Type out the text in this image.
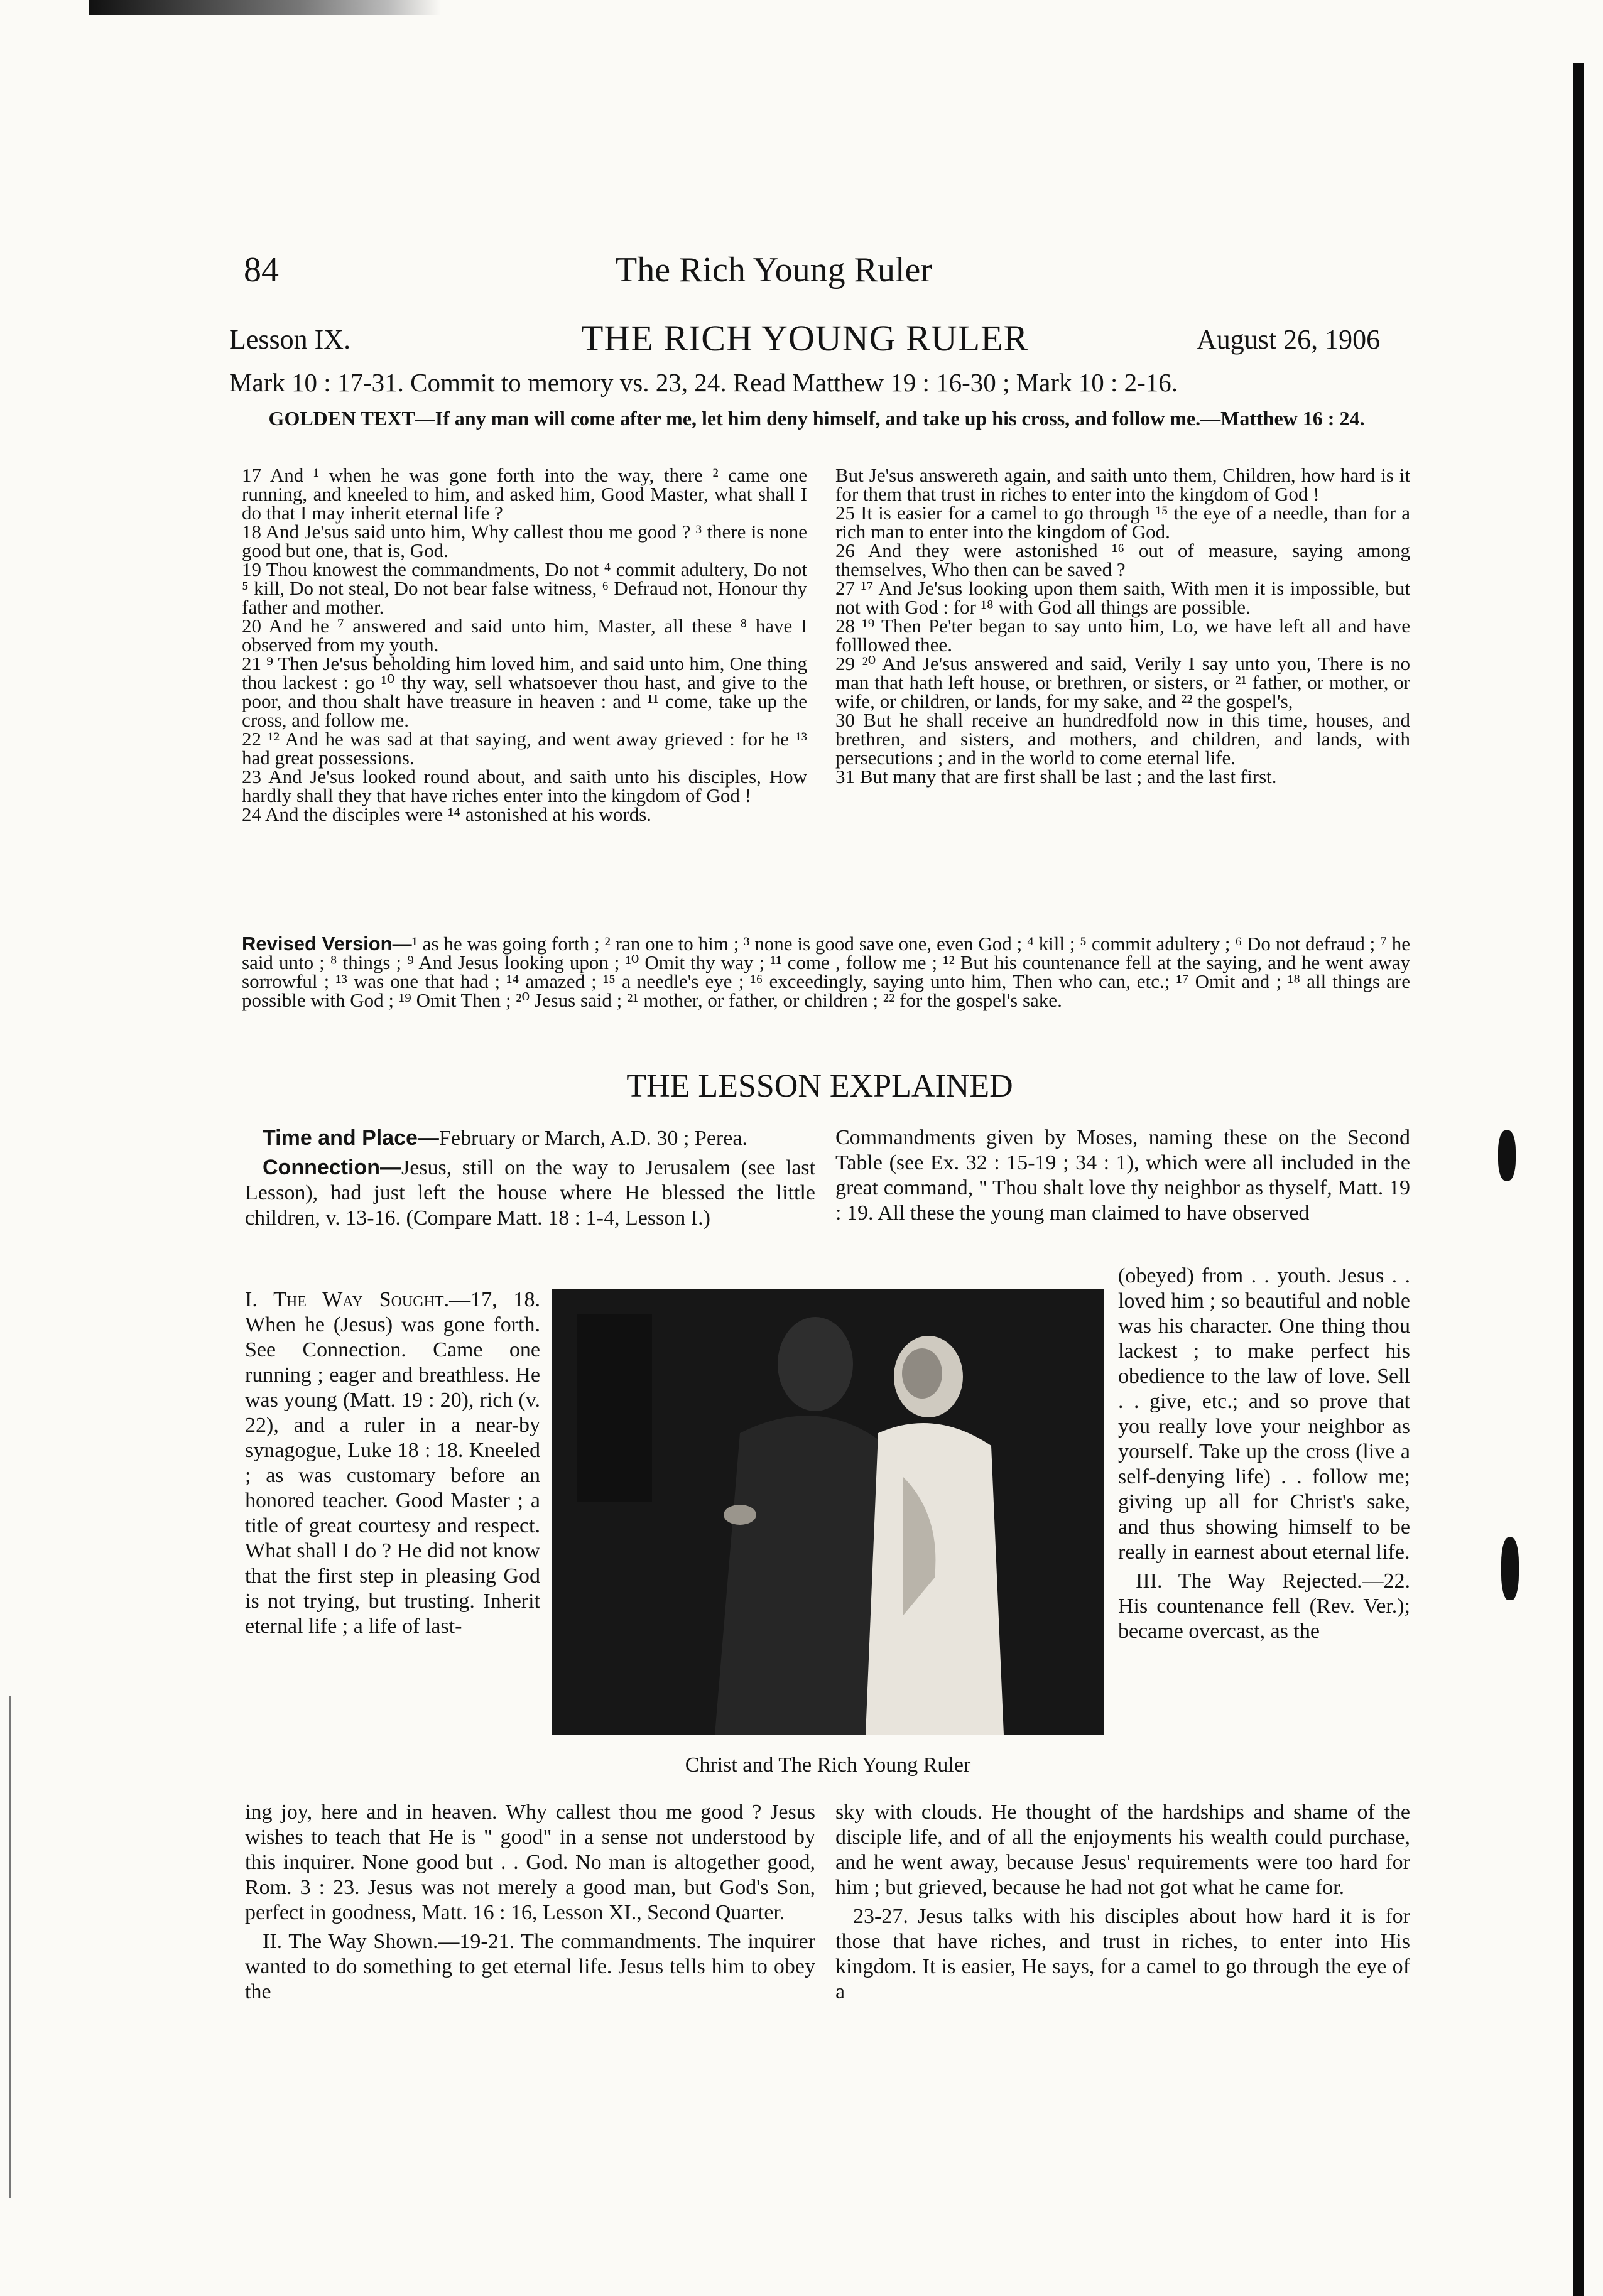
84	The Rich Young Ruler
Lesson IX.	THE RICH YOUNG RULER	August 26, 1906
Mark 10 : 17-31. Commit to memory vs. 23, 24. Read Matthew 19 : 16-30 ; Mark 10 : 2-16.
GOLDEN TEXT—If any man will come after me, let him deny himself, and take up his cross, and follow me.—Matthew 16 : 24.

17 And ¹ when he was gone forth into the way, there ² came one running, and kneeled to him, and asked him, Good Master, what shall I do that I may inherit eternal life ?

18 And Je'sus said unto him, Why callest thou me good ? ³ there is none good but one, that is, God.

19 Thou knowest the commandments, Do not ⁴ commit adultery, Do not ⁵ kill, Do not steal, Do not bear false witness, ⁶ Defraud not, Honour thy father and mother.

20 And he ⁷ answered and said unto him, Master, all these ⁸ have I observed from my youth.

21 ⁹ Then Je'sus beholding him loved him, and said unto him, One thing thou lackest : go ¹⁰ thy way, sell whatsoever thou hast, and give to the poor, and thou shalt have treasure in heaven : and ¹¹ come, take up the cross, and follow me.

22 ¹² And he was sad at that saying, and went away grieved : for he ¹³ had great possessions.

23 And Je'sus looked round about, and saith unto his disciples, How hardly shall they that have riches enter into the kingdom of God !

24 And the disciples were ¹⁴ astonished at his words.

But Je'sus answereth again, and saith unto them, Children, how hard is it for them that trust in riches to enter into the kingdom of God !

25 It is easier for a camel to go through ¹⁵ the eye of a needle, than for a rich man to enter into the kingdom of God.

26 And they were astonished ¹⁶ out of measure, saying among themselves, Who then can be saved ?

27 ¹⁷ And Je'sus looking upon them saith, With men it is impossible, but not with God : for ¹⁸ with God all things are possible.

28 ¹⁹ Then Pe'ter began to say unto him, Lo, we have left all and have folllowed thee.

29 ²⁰ And Je'sus answered and said, Verily I say unto you, There is no man that hath left house, or brethren, or sisters, or ²¹ father, or mother, or wife, or children, or lands, for my sake, and ²² the gospel's,

30 But he shall receive an hundredfold now in this time, houses, and brethren, and sisters, and mothers, and children, and lands, with persecutions ; and in the world to come eternal life.

31 But many that are first shall be last ; and the last first.

Revised Version—¹ as he was going forth ; ² ran one to him ; ³ none is good save one, even God ; ⁴ kill ; ⁵ commit adultery ; ⁶ Do not defraud ; ⁷ he said unto ; ⁸ things ; ⁹ And Jesus looking upon ; ¹⁰ Omit thy way ; ¹¹ come , follow me ; ¹² But his countenance fell at the saying, and he went away sorrowful ; ¹³ was one that had ; ¹⁴ amazed ; ¹⁵ a needle's eye ; ¹⁶ exceedingly, saying unto him, Then who can, etc.; ¹⁷ Omit and ; ¹⁸ all things are possible with God ; ¹⁹ Omit Then ; ²⁰ Jesus said ; ²¹ mother, or father, or children ; ²² for the gospel's sake.
THE LESSON EXPLAINED

Time and Place—February or March, A.D. 30 ; Perea.

Connection—Jesus, still on the way to Jerusalem (see last Lesson), had just left the house where He blessed the little children, v. 13-16. (Compare Matt. 18 : 1-4, Lesson I.)

I. The Way Sought.—17, 18. When he (Jesus) was gone forth. See Connection. Came one running ; eager and breathless. He was young (Matt. 19 : 20), rich (v. 22), and a ruler in a near-by synagogue, Luke 18 : 18. Kneeled ; as was customary before an honored teacher. Good Master ; a title of great courtesy and respect. What shall I do ? He did not know that the first step in pleasing God is not trying, but trusting. Inherit eternal life ; a life of last-

Christ and The Rich Young Ruler

ing joy, here and in heaven. Why callest thou me good ? Jesus wishes to teach that He is " good" in a sense not understood by this inquirer. None good but . . God. No man is altogether good, Rom. 3 : 23. Jesus was not merely a good man, but God's Son, perfect in goodness, Matt. 16 : 16, Lesson XI., Second Quarter.

II. The Way Shown.—19-21. The commandments. The inquirer wanted to do something to get eternal life. Jesus tells him to obey the

Commandments given by Moses, naming these on the Second Table (see Ex. 32 : 15-19 ; 34 : 1), which were all included in the great command, " Thou shalt love thy neighbor as thyself, Matt. 19 : 19. All these the young man claimed to have observed

(obeyed) from . . youth. Jesus . . loved him ; so beautiful and noble was his character. One thing thou lackest ; to make perfect his obedience to the law of love. Sell . . give, etc.; and so prove that you really love your neighbor as yourself. Take up the cross (live a self-denying life) . . follow me; giving up all for Christ's sake, and thus showing himself to be really in earnest about eternal life.

III. The Way Rejected.—22. His countenance fell (Rev. Ver.); became overcast, as the

sky with clouds. He thought of the hardships and shame of the disciple life, and of all the enjoyments his wealth could purchase, and he went away, because Jesus' requirements were too hard for him ; but grieved, because he had not got what he came for.

23-27. Jesus talks with his disciples about how hard it is for those that have riches, and trust in riches, to enter into His kingdom. It is easier, He says, for a camel to go through the eye of a
